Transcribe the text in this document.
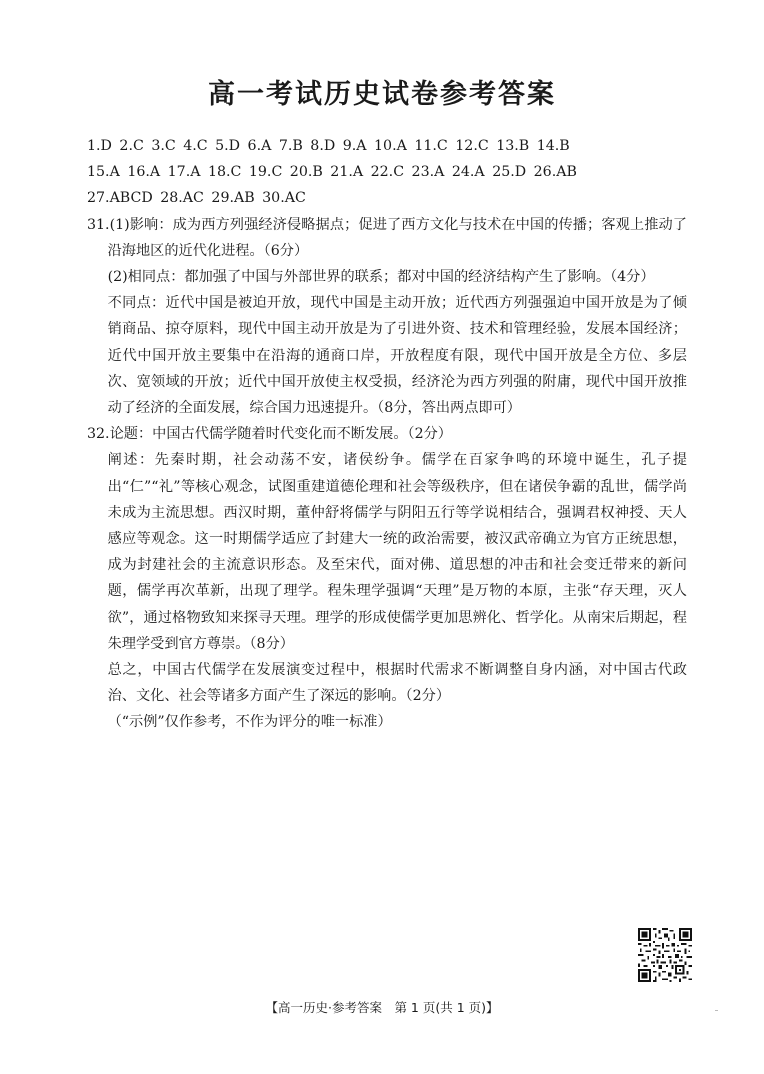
高一考试历史试卷参考答案
1.D 2.C 3.C 4.C 5.D 6.A 7.B 8.D 9.A 10.A 11.C 12.C 13.B 14.B
15.A 16.A 17.A 18.C 19.C 20.B 21.A 22.C 23.A 24.A 25.D 26.AB
27.ABCD 28.AC 29.AB 30.AC
31.(1)影响：成为西方列强经济侵略据点；促进了西方文化与技术在中国的传播；客观上推动了沿海地区的近代化进程。（6分）
(2)相同点：都加强了中国与外部世界的联系；都对中国的经济结构产生了影响。（4分）
不同点：近代中国是被迫开放，现代中国是主动开放；近代西方列强强迫中国开放是为了倾销商品、掠夺原料，现代中国主动开放是为了引进外资、技术和管理经验，发展本国经济；近代中国开放主要集中在沿海的通商口岸，开放程度有限，现代中国开放是全方位、多层次、宽领域的开放；近代中国开放使主权受损，经济沦为西方列强的附庸，现代中国开放推动了经济的全面发展，综合国力迅速提升。（8分，答出两点即可）
32.论题：中国古代儒学随着时代变化而不断发展。（2分）
阐述：先秦时期，社会动荡不安，诸侯纷争。儒学在百家争鸣的环境中诞生，孔子提出“仁”“礼”等核心观念，试图重建道德伦理和社会等级秩序，但在诸侯争霸的乱世，儒学尚未成为主流思想。西汉时期，董仲舒将儒学与阴阳五行等学说相结合，强调君权神授、天人感应等观念。这一时期儒学适应了封建大一统的政治需要，被汉武帝确立为官方正统思想，成为封建社会的主流意识形态。及至宋代，面对佛、道思想的冲击和社会变迁带来的新问题，儒学再次革新，出现了理学。程朱理学强调“天理”是万物的本原，主张“存天理，灭人欲”，通过格物致知来探寻天理。理学的形成使儒学更加思辨化、哲学化。从南宋后期起，程朱理学受到官方尊崇。（8分）
总之，中国古代儒学在发展演变过程中，根据时代需求不断调整自身内涵，对中国古代政治、文化、社会等诸多方面产生了深远的影响。（2分）
（“示例”仅作参考，不作为评分的唯一标准）
【高一历史·参考答案　第 1 页(共 1 页)】
